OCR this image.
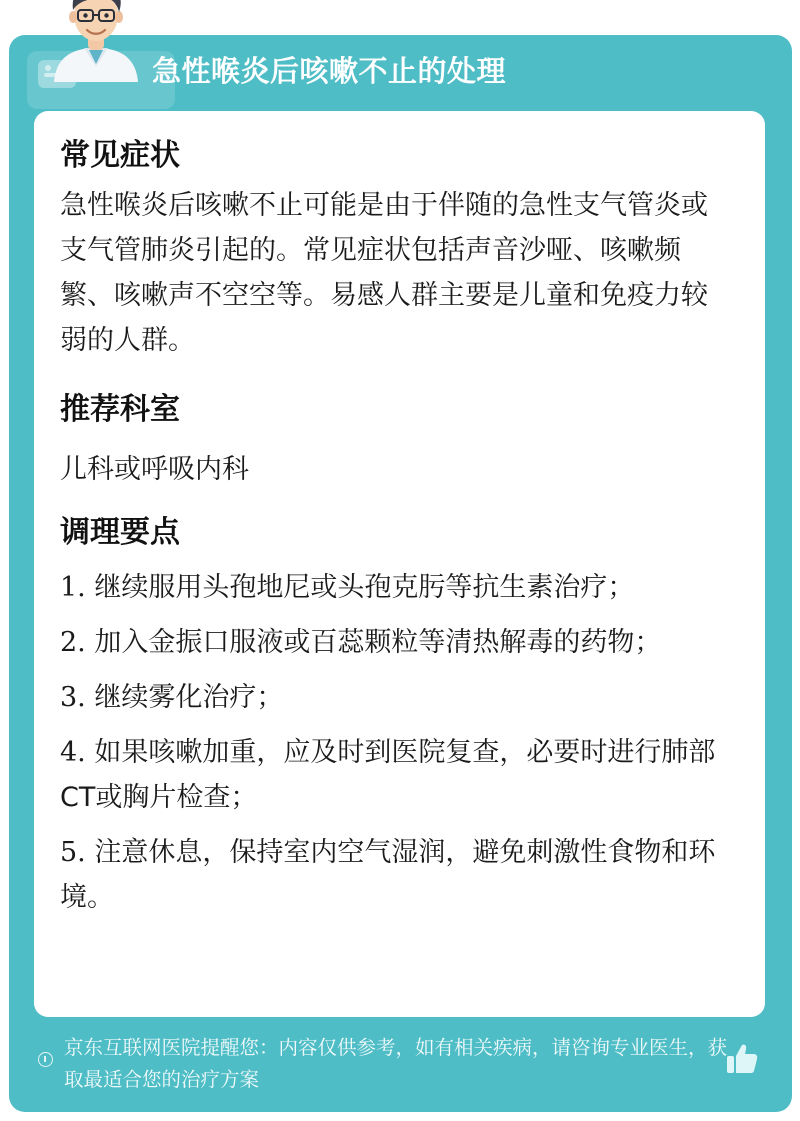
急性喉炎后咳嗽不止的处理
常见症状

急性喉炎后咳嗽不止可能是由于伴随的急性支气管炎或支气管肺炎引起的。常见症状包括声音沙哑、咳嗽频繁、咳嗽声不空空等。易感人群主要是儿童和免疫力较弱的人群。

推荐科室

儿科或呼吸内科

调理要点

1. 继续服用头孢地尼或头孢克肟等抗生素治疗；

2. 加入金振口服液或百蕊颗粒等清热解毒的药物；

3. 继续雾化治疗；

4. 如果咳嗽加重，应及时到医院复查，必要时进行肺部CT或胸片检查；

5. 注意休息，保持室内空气湿润，避免刺激性食物和环境。

京东互联网医院提醒您：内容仅供参考，如有相关疾病，请咨询专业医生，获取最适合您的治疗方案
